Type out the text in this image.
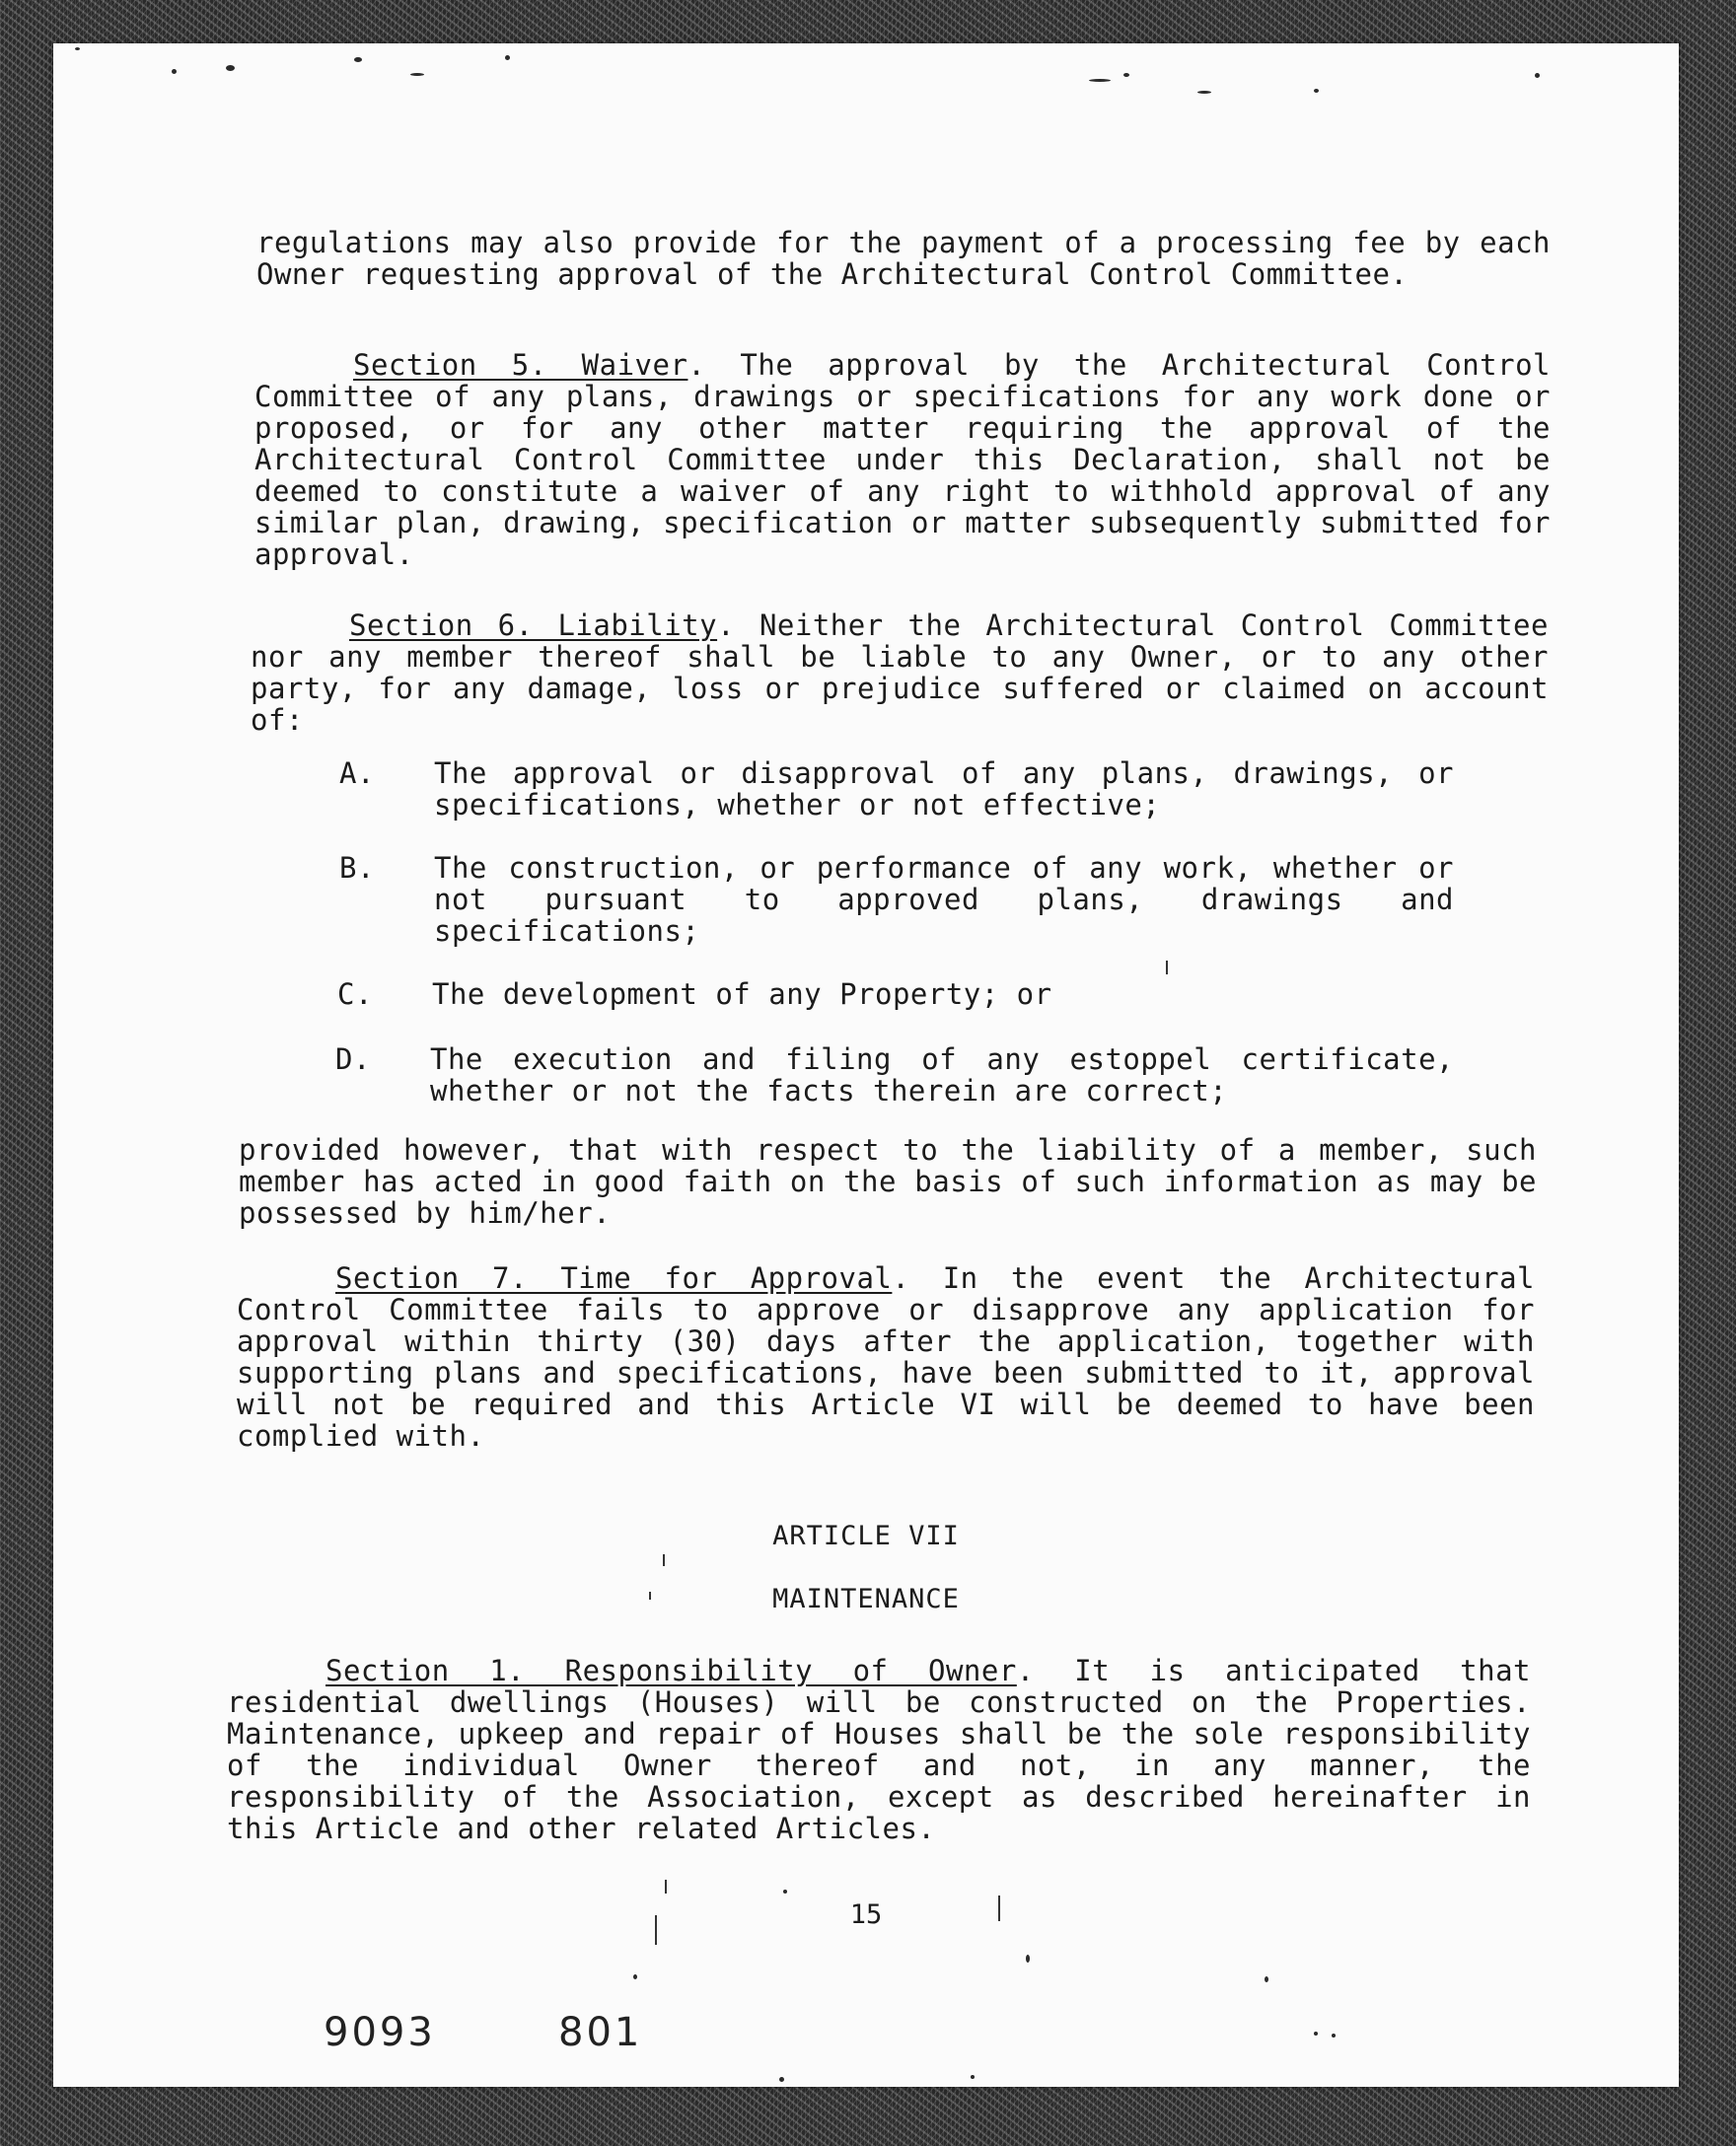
regulations may also provide for the payment of a processing fee by each Owner requesting approval of the Architectural Control Committee.

Section 5. Waiver. The approval by the Architectural Control Committee of any plans, drawings or specifications for any work done or proposed, or for any other matter requiring the approval of the Architectural Control Committee under this Declaration, shall not be deemed to constitute a waiver of any right to withhold approval of any similar plan, drawing, specification or matter subsequently submitted for approval.

Section 6. Liability. Neither the Architectural Control Committee nor any member thereof shall be liable to any Owner, or to any other party, for any damage, loss or prejudice suffered or claimed on account of:

A. The approval or disapproval of any plans, drawings, or specifications, whether or not effective;
B. The construction, or performance of any work, whether or not pursuant to approved plans, drawings and specifications;
C. The development of any Property; or
D. The execution and filing of any estoppel certificate, whether or not the facts therein are correct;

provided however, that with respect to the liability of a member, such member has acted in good faith on the basis of such information as may be possessed by him/her.

Section 7. Time for Approval. In the event the Architectural Control Committee fails to approve or disapprove any application for approval within thirty (30) days after the application, together with supporting plans and specifications, have been submitted to it, approval will not be required and this Article VI will be deemed to have been complied with.

ARTICLE VII
MAINTENANCE

Section 1. Responsibility of Owner. It is anticipated that residential dwellings (Houses) will be constructed on the Properties. Maintenance, upkeep and repair of Houses shall be the sole responsibility of the individual Owner thereof and not, in any manner, the responsibility of the Association, except as described hereinafter in this Article and other related Articles.

15
9093	801
